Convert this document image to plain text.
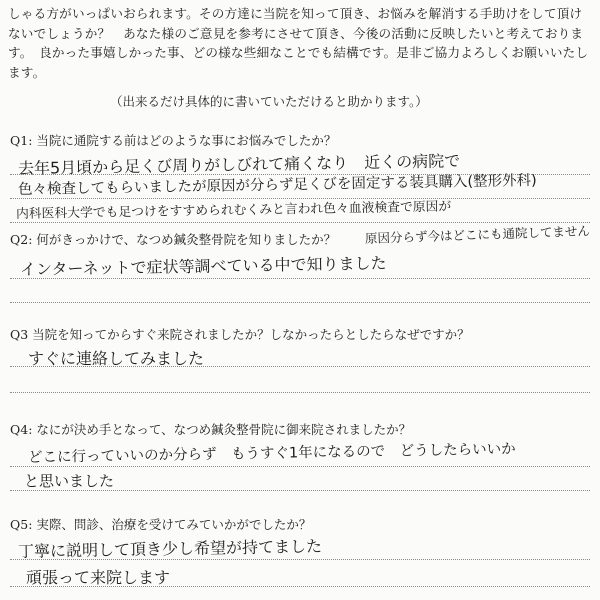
しゃる方がいっぱいおられます。その方達に当院を知って頂き、お悩みを解消する手助けをして頂けないでしょうか？　あなた様のご意見を参考にさせて頂き、今後の活動に反映したいと考えております。　良かった事嬉しかった事、どの様な些細なことでも結構です。是非ご協力よろしくお願いいたします。

（出来るだけ具体的に書いていただけると助かります。）
Q1: 当院に通院する前はどのような事にお悩みでしたか？
去年5月頃から足くび周りがしびれて痛くなり　近くの病院で
色々検査してもらいましたが原因が分らず足くびを固定する装具購入(整形外科)
内科医科大学でも足つけをすすめられむくみと言われ色々血液検査で原因が
Q2: 何がきっかけで、なつめ鍼灸整骨院を知りましたか？ 原因分らず今はどこにも通院してません
インターネットで症状等調べている中で知りました
Q3 当院を知ってからすぐ来院されましたか？しなかったらとしたらなぜですか？
すぐに連絡してみました
Q4: なにが決め手となって、なつめ鍼灸整骨院に御来院されましたか？
どこに行っていいのか分らず　もうすぐ1年になるので　どうしたらいいか
と思いました
Q5: 実際、問診、治療を受けてみていかがでしたか？
丁寧に説明して頂き少し希望が持てました
頑張って来院します
